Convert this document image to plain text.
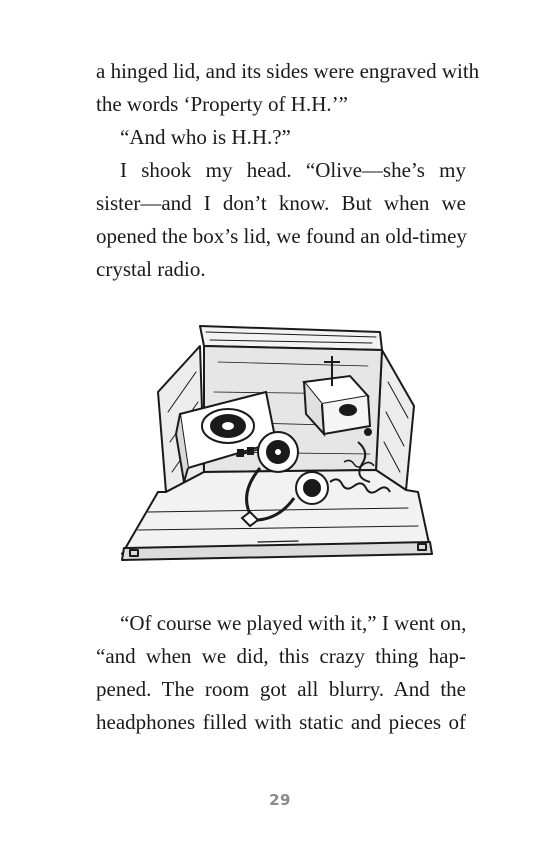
a hinged lid, and its sides were engraved with
the words ‘Property of H.H.’”
“And who is H.H.?”
I shook my head. “Olive—she’s my
sister—and I don’t know. But when we
opened the box’s lid, we found an old-timey
crystal radio.
“Of course we played with it,” I went on,
“and when we did, this crazy thing hap-
pened. The room got all blurry. And the
headphones filled with static and pieces of
29
